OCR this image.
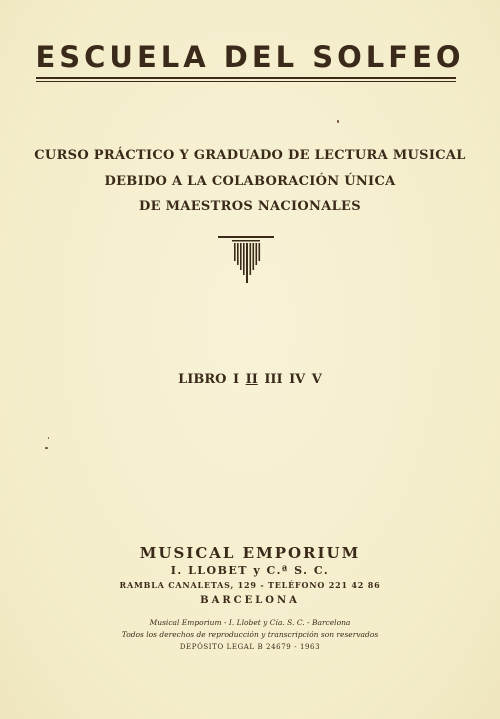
ESCUELA DEL SOLFEO
CURSO PRÁCTICO Y GRADUADO DE LECTURA MUSICAL
DEBIDO A LA COLABORACIÓN ÚNICA
DE MAESTROS NACIONALES
LIBRO I II III IV V
MUSICAL EMPORIUM
I. LLOBET y C.ª S. C.
RAMBLA CANALETAS, 129 - TELÉFONO 221 42 86
BARCELONA
Musical Emporium - I. Llobet y Cía. S. C. - Barcelona
Todos los derechos de reproducción y transcripción son reservados
DEPÓSITO LEGAL B 24679 - 1963
